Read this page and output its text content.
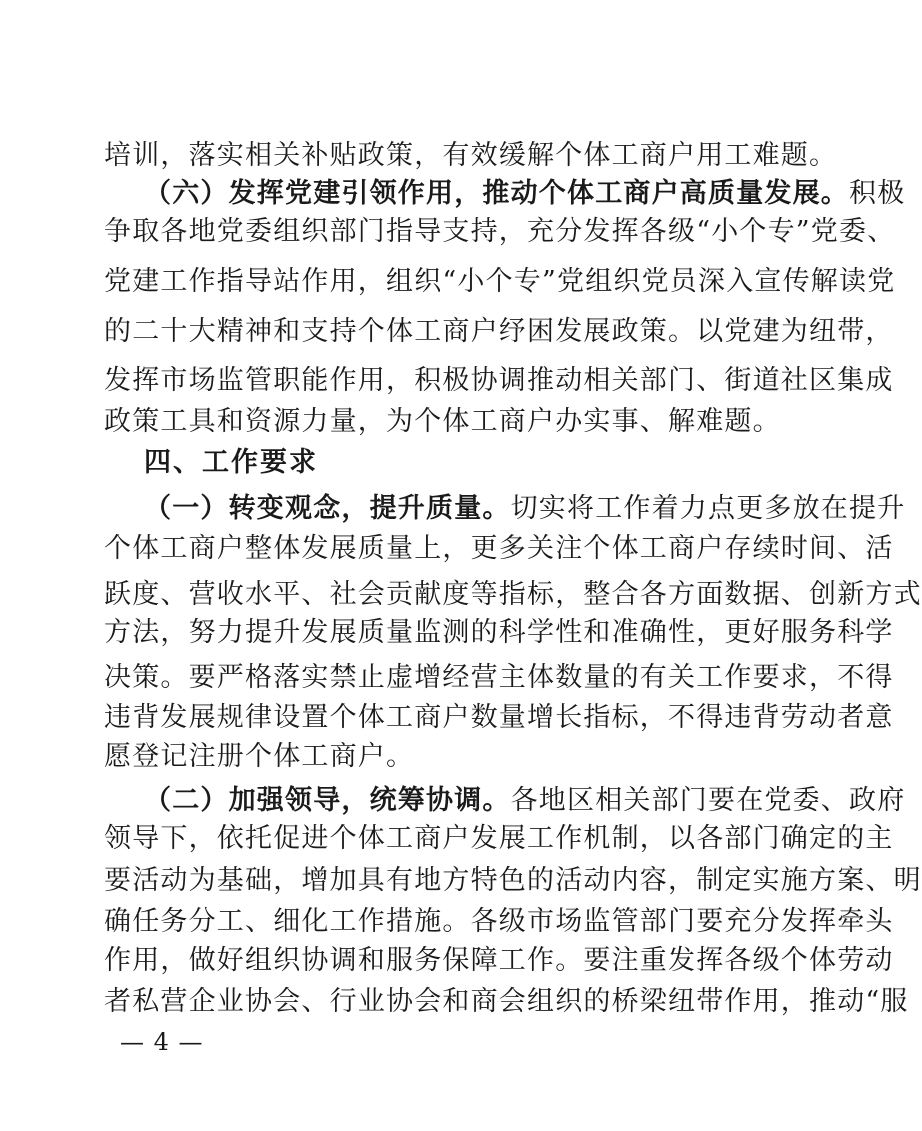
培训，落实相关补贴政策，有效缓解个体工商户用工难题。
（六）发挥党建引领作用，推动个体工商户高质量发展。积极
争取各地党委组织部门指导支持，充分发挥各级“小个专”党委、
党建工作指导站作用，组织“小个专”党组织党员深入宣传解读党
的二十大精神和支持个体工商户纾困发展政策。以党建为纽带，
发挥市场监管职能作用，积极协调推动相关部门、街道社区集成
政策工具和资源力量，为个体工商户办实事、解难题。
四、工作要求
（一）转变观念，提升质量。切实将工作着力点更多放在提升
个体工商户整体发展质量上，更多关注个体工商户存续时间、活
跃度、营收水平、社会贡献度等指标，整合各方面数据、创新方式
方法，努力提升发展质量监测的科学性和准确性，更好服务科学
决策。要严格落实禁止虚增经营主体数量的有关工作要求，不得
违背发展规律设置个体工商户数量增长指标，不得违背劳动者意
愿登记注册个体工商户。
（二）加强领导，统筹协调。各地区相关部门要在党委、政府
领导下，依托促进个体工商户发展工作机制，以各部门确定的主
要活动为基础，增加具有地方特色的活动内容，制定实施方案、明
确任务分工、细化工作措施。各级市场监管部门要充分发挥牵头
作用，做好组织协调和服务保障工作。要注重发挥各级个体劳动
者私营企业协会、行业协会和商会组织的桥梁纽带作用，推动“服
— 4 —
